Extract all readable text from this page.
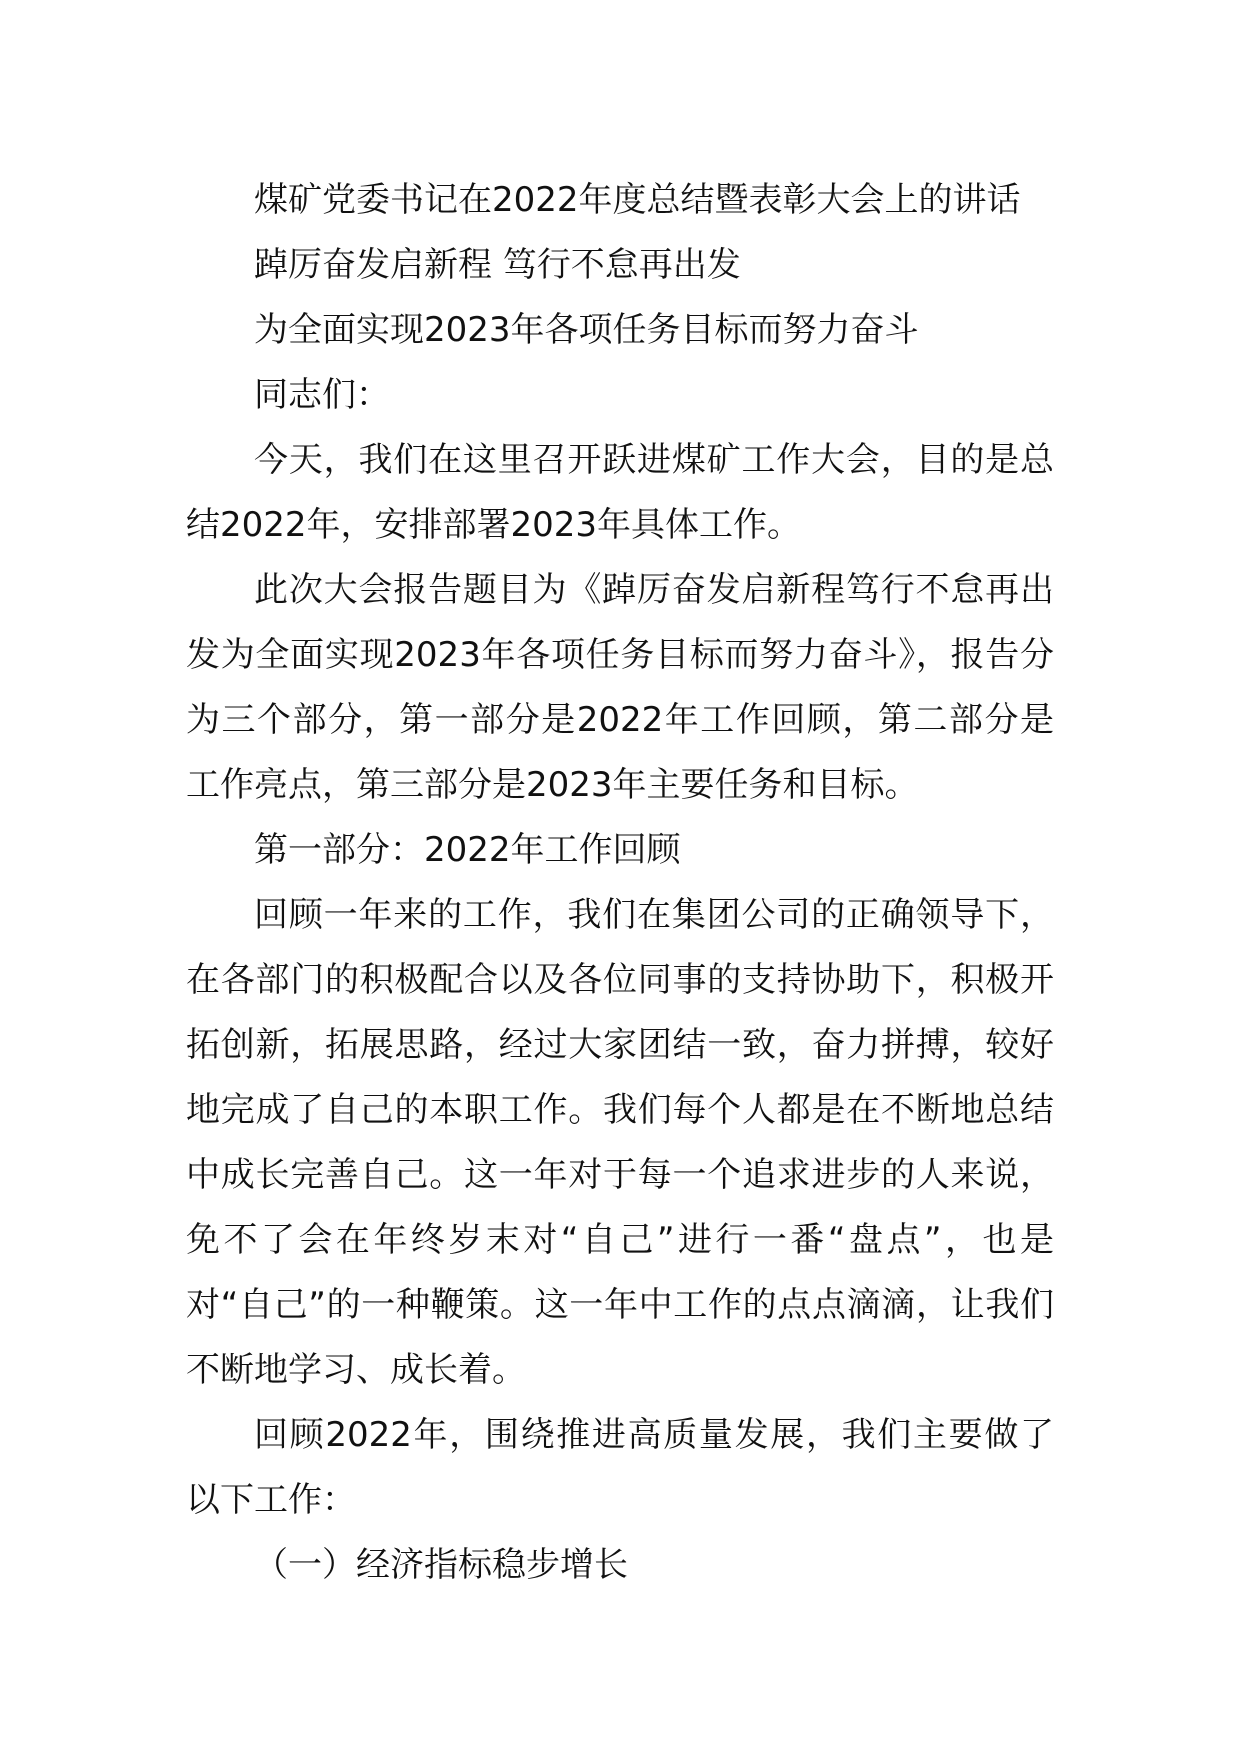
煤矿党委书记在2022年度总结暨表彰大会上的讲话

踔厉奋发启新程 笃行不怠再出发

为全面实现2023年各项任务目标而努力奋斗

同志们：

今天，我们在这里召开跃进煤矿工作大会，目的是总结2022年，安排部署2023年具体工作。

此次大会报告题目为《踔厉奋发启新程笃行不怠再出发为全面实现2023年各项任务目标而努力奋斗》，报告分为三个部分，第一部分是2022年工作回顾，第二部分是工作亮点，第三部分是2023年主要任务和目标。

第一部分：2022年工作回顾

回顾一年来的工作，我们在集团公司的正确领导下，在各部门的积极配合以及各位同事的支持协助下，积极开拓创新，拓展思路，经过大家团结一致，奋力拼搏，较好地完成了自己的本职工作。我们每个人都是在不断地总结中成长完善自己。这一年对于每一个追求进步的人来说，免不了会在年终岁末对“自己”进行一番“盘点”，也是对“自己”的一种鞭策。这一年中工作的点点滴滴，让我们不断地学习、成长着。

回顾2022年，围绕推进高质量发展，我们主要做了以下工作：

（一）经济指标稳步增长
